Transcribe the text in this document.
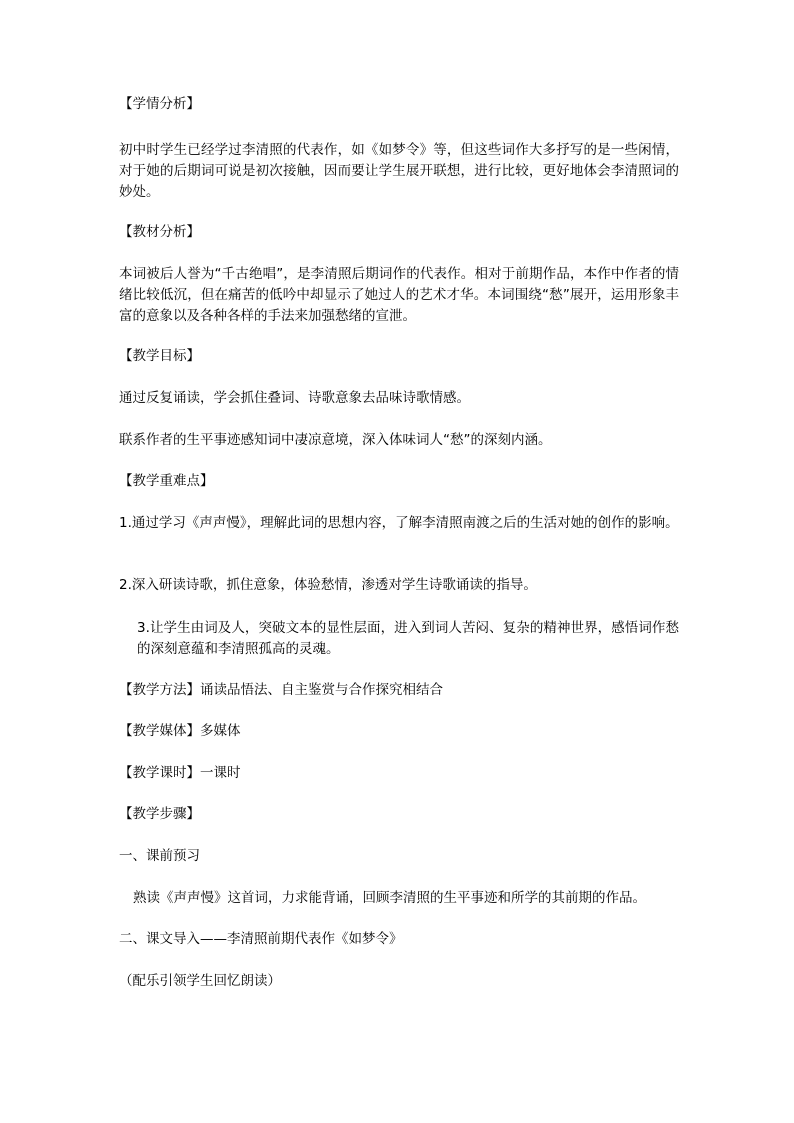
【学情分析】
初中时学生已经学过李清照的代表作，如《如梦令》等，但这些词作大多抒写的是一些闲情，对于她的后期词可说是初次接触，因而要让学生展开联想，进行比较，更好地体会李清照词的妙处。
【教材分析】
本词被后人誉为“千古绝唱”，是李清照后期词作的代表作。相对于前期作品，本作中作者的情绪比较低沉，但在痛苦的低吟中却显示了她过人的艺术才华。本词围绕“愁”展开，运用形象丰富的意象以及各种各样的手法来加强愁绪的宣泄。
【教学目标】
通过反复诵读，学会抓住叠词、诗歌意象去品味诗歌情感。
联系作者的生平事迹感知词中凄凉意境，深入体味词人“愁”的深刻内涵。
【教学重难点】
1.通过学习《声声慢》，理解此词的思想内容，了解李清照南渡之后的生活对她的创作的影响。
2.深入研读诗歌，抓住意象，体验愁情，渗透对学生诗歌诵读的指导。
3.让学生由词及人，突破文本的显性层面，进入到词人苦闷、复杂的精神世界，感悟词作愁的深刻意蕴和李清照孤高的灵魂。
【教学方法】诵读品悟法、自主鉴赏与合作探究相结合
【教学媒体】多媒体
【教学课时】一课时
【教学步骤】
一、课前预习
熟读《声声慢》这首词，力求能背诵，回顾李清照的生平事迹和所学的其前期的作品。
二、课文导入——李清照前期代表作《如梦令》
（配乐引领学生回忆朗读）
